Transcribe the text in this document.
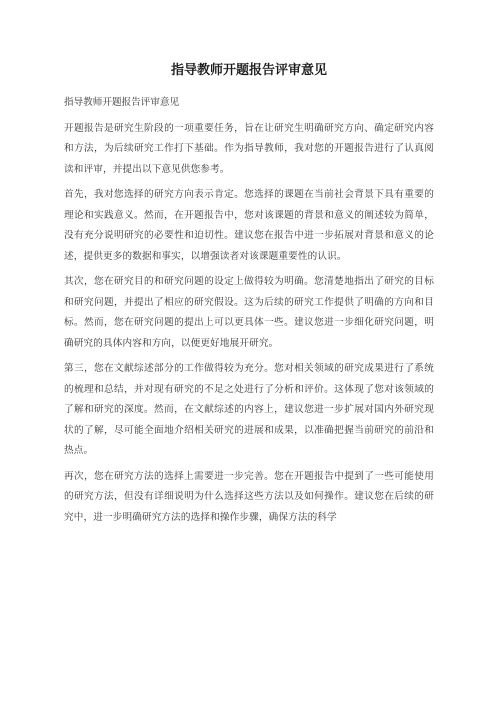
指导教师开题报告评审意见

指导教师开题报告评审意见

开题报告是研究生阶段的一项重要任务，旨在让研究生明确研究方向、确定研究内容和方法，为后续研究工作打下基础。作为指导教师，我对您的开题报告进行了认真阅读和评审，并提出以下意见供您参考。

首先，我对您选择的研究方向表示肯定。您选择的课题在当前社会背景下具有重要的理论和实践意义。然而，在开题报告中，您对该课题的背景和意义的阐述较为简单，没有充分说明研究的必要性和迫切性。建议您在报告中进一步拓展对背景和意义的论述，提供更多的数据和事实，以增强读者对该课题重要性的认识。

其次，您在研究目的和研究问题的设定上做得较为明确。您清楚地指出了研究的目标和研究问题，并提出了相应的研究假设。这为后续的研究工作提供了明确的方向和目标。然而，您在研究问题的提出上可以更具体一些。建议您进一步细化研究问题，明确研究的具体内容和方向，以便更好地展开研究。

第三，您在文献综述部分的工作做得较为充分。您对相关领域的研究成果进行了系统的梳理和总结，并对现有研究的不足之处进行了分析和评价。这体现了您对该领域的了解和研究的深度。然而，在文献综述的内容上，建议您进一步扩展对国内外研究现状的了解，尽可能全面地介绍相关研究的进展和成果，以准确把握当前研究的前沿和热点。

再次，您在研究方法的选择上需要进一步完善。您在开题报告中提到了一些可能使用的研究方法，但没有详细说明为什么选择这些方法以及如何操作。建议您在后续的研究中，进一步明确研究方法的选择和操作步骤，确保方法的科学
